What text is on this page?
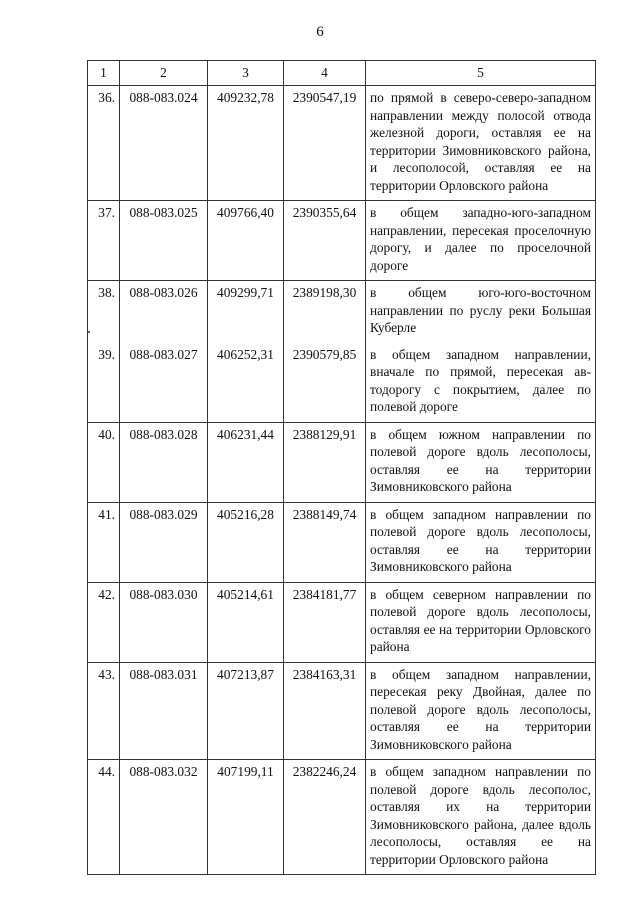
6
1	2	3	4	5
36.	088-083.024	409232,78	2390547,19	по прямой в северо-северо-западном направлении между полосой отвода железной дороги, оставляя ее на территории Зимовниковского района, и лесополосой, оставляя ее на территории Орловского района
37.	088-083.025	409766,40	2390355,64	в общем западно-юго-западном направлении, пересекая проселочную дорогу, и далее по проселочной дороге
38.	088-083.026	409299,71	2389198,30	в общем юго-юго-восточном направлении по руслу реки Большая Куберле
39.	088-083.027	406252,31	2390579,85	в общем западном направлении, вначале по прямой, пересекая автодорогу с покрытием, далее по полевой дороге
40.	088-083.028	406231,44	2388129,91	в общем южном направлении по полевой дороге вдоль лесополосы, оставляя ее на территории Зимовниковского района
41.	088-083.029	405216,28	2388149,74	в общем западном направлении по полевой дороге вдоль лесополосы, оставляя ее на территории Зимовниковского района
42.	088-083.030	405214,61	2384181,77	в общем северном направлении по полевой дороге вдоль лесополосы, оставляя ее на территории Орловского района
43.	088-083.031	407213,87	2384163,31	в общем западном направлении, пересекая реку Двойная, далее по полевой дороге вдоль лесополосы, оставляя ее на территории Зимовниковского района
44.	088-083.032	407199,11	2382246,24	в общем западном направлении по полевой дороге вдоль лесополос, оставляя их на территории Зимовниковского района, далее вдоль лесополосы, оставляя ее на территории Орловского района
